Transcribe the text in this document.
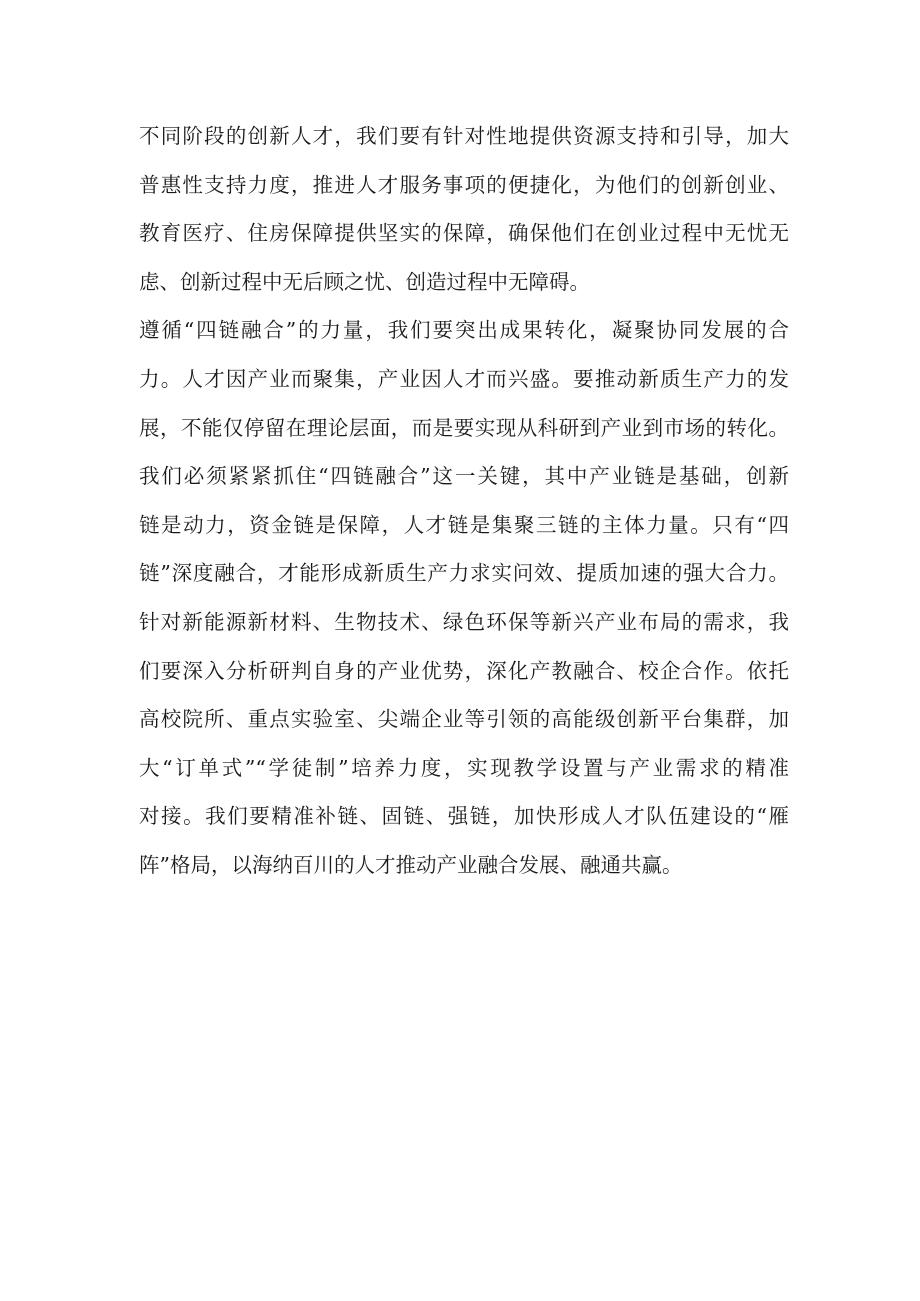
不同阶段的创新人才，我们要有针对性地提供资源支持和引导，加大
普惠性支持力度，推进人才服务事项的便捷化，为他们的创新创业、
教育医疗、住房保障提供坚实的保障，确保他们在创业过程中无忧无
虑、创新过程中无后顾之忧、创造过程中无障碍。
遵循“四链融合”的力量，我们要突出成果转化，凝聚协同发展的合
力。人才因产业而聚集，产业因人才而兴盛。要推动新质生产力的发
展，不能仅停留在理论层面，而是要实现从科研到产业到市场的转化。
我们必须紧紧抓住“四链融合”这一关键，其中产业链是基础，创新
链是动力，资金链是保障，人才链是集聚三链的主体力量。只有“四
链”深度融合，才能形成新质生产力求实问效、提质加速的强大合力。
针对新能源新材料、生物技术、绿色环保等新兴产业布局的需求，我
们要深入分析研判自身的产业优势，深化产教融合、校企合作。依托
高校院所、重点实验室、尖端企业等引领的高能级创新平台集群，加
大“订单式”“学徒制”培养力度，实现教学设置与产业需求的精准
对接。我们要精准补链、固链、强链，加快形成人才队伍建设的“雁
阵”格局，以海纳百川的人才推动产业融合发展、融通共赢。
